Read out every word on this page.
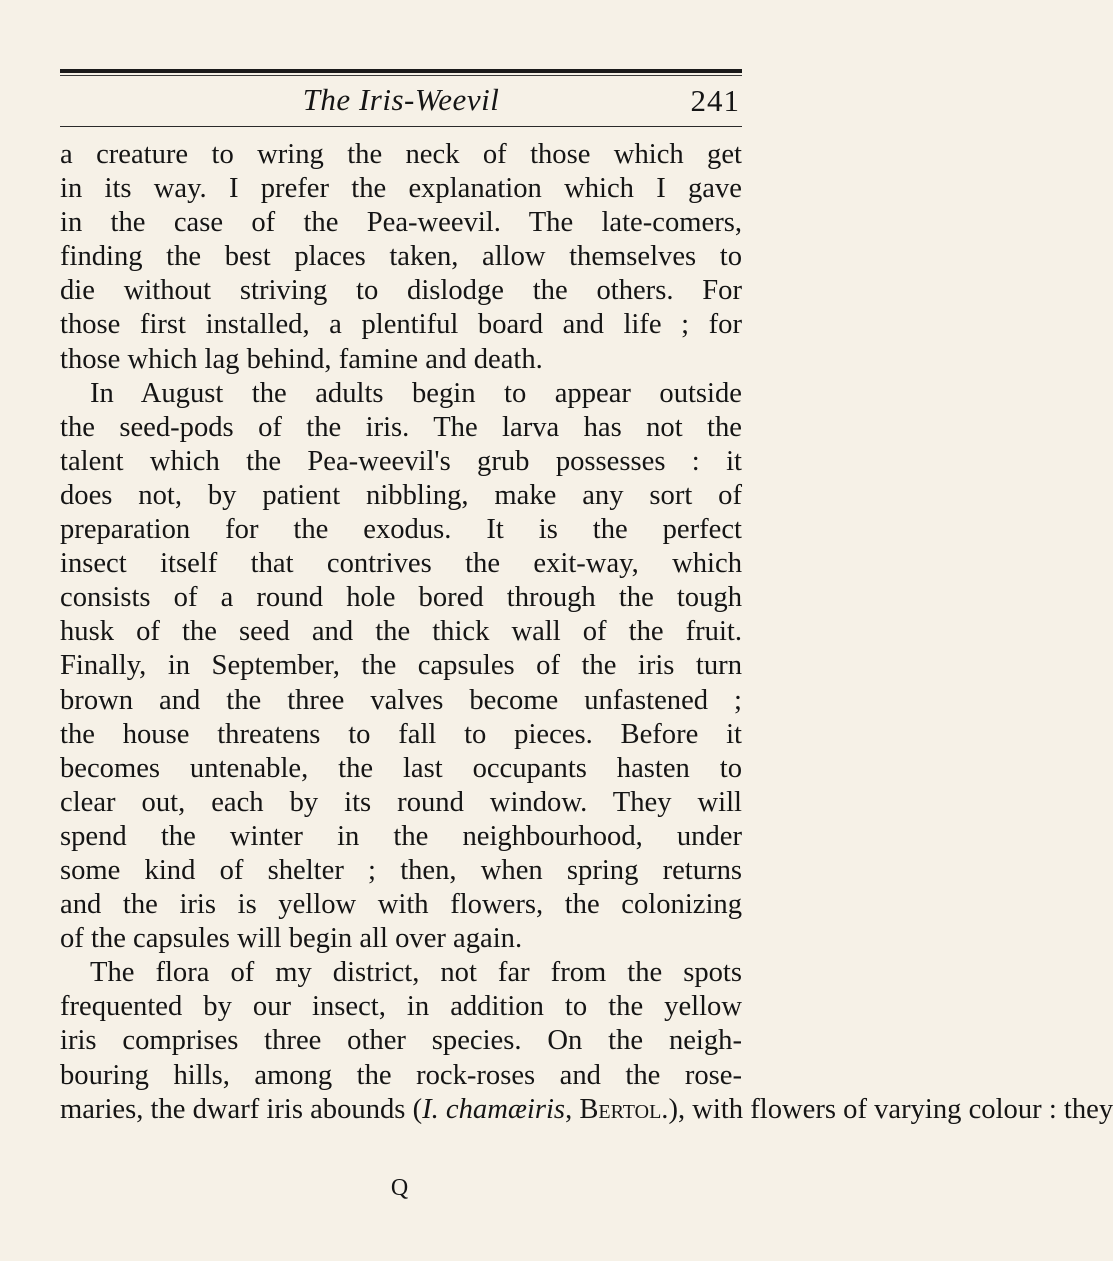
The Iris-Weevil	241
a creature to wring the neck of those which get
in its way. I prefer the explanation which I gave
in the case of the Pea-weevil. The late-comers,
finding the best places taken, allow themselves to
die without striving to dislodge the others. For
those first installed, a plentiful board and life ; for
those which lag behind, famine and death.
In August the adults begin to appear outside
the seed-pods of the iris. The larva has not the
talent which the Pea-weevil's grub possesses : it
does not, by patient nibbling, make any sort of
preparation for the exodus. It is the perfect
insect itself that contrives the exit-way, which
consists of a round hole bored through the tough
husk of the seed and the thick wall of the fruit.
Finally, in September, the capsules of the iris turn
brown and the three valves become unfastened ;
the house threatens to fall to pieces. Before it
becomes untenable, the last occupants hasten to
clear out, each by its round window. They will
spend the winter in the neighbourhood, under
some kind of shelter ; then, when spring returns
and the iris is yellow with flowers, the colonizing
of the capsules will begin all over again.
The flora of my district, not far from the spots
frequented by our insect, in addition to the yellow
iris comprises three other species. On the neigh-
bouring hills, among the rock-roses and the rose-
maries, the dwarf iris abounds (I. chamæiris, Bertol.), with flowers of varying colour : they
Q
